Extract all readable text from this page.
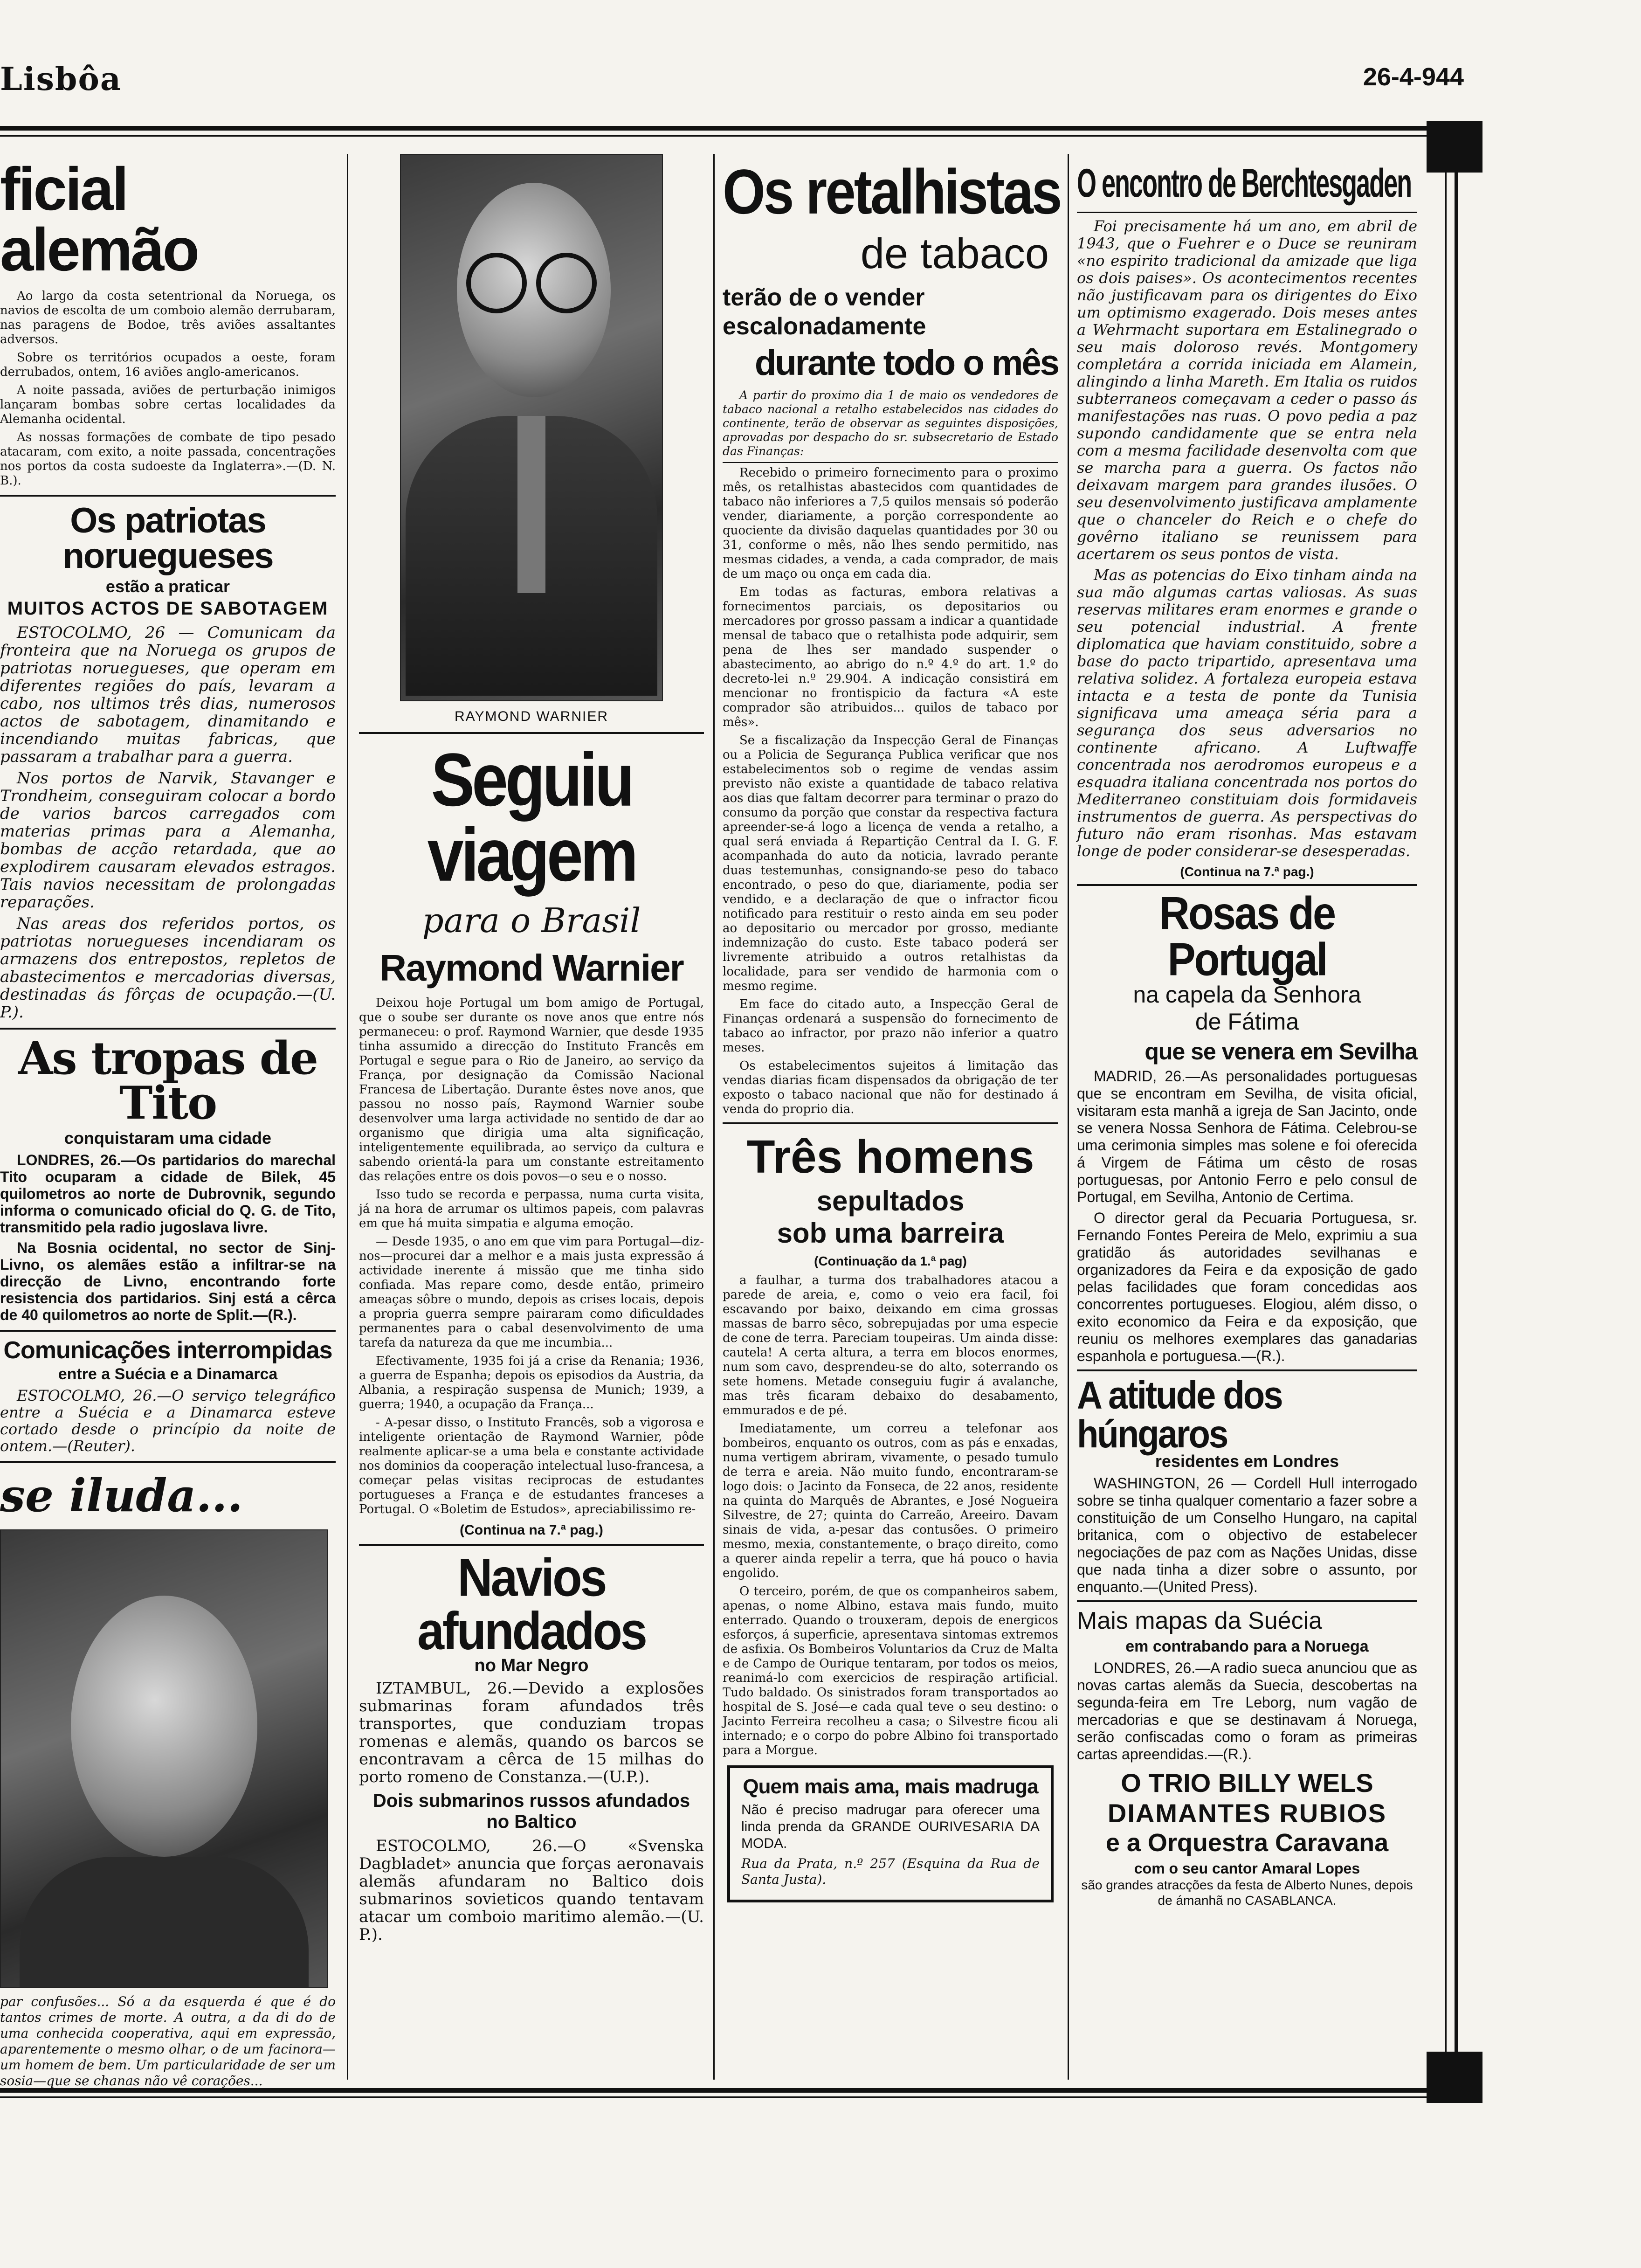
Lisbôa	26-4-944
ficial alemão

Ao largo da costa setentrional da Noruega, os navios de escolta de um comboio alemão derrubaram, nas paragens de Bodoe, três aviões assaltantes adversos.

Sobre os territórios ocupados a oeste, foram derrubados, ontem, 16 aviões anglo-americanos.

A noite passada, aviões de perturbação inimigos lançaram bombas sobre certas localidades da Alemanha ocidental.

As nossas formações de combate de tipo pesado atacaram, com exito, a noite passada, concentrações nos portos da costa sudoeste da Inglaterra».—(D. N. B.).

Os patriotas noruegueses
estão a praticar
MUITOS ACTOS DE SABOTAGEM

ESTOCOLMO, 26 — Comunicam da fronteira que na Noruega os grupos de patriotas noruegueses, que operam em diferentes regiões do país, levaram a cabo, nos ultimos três dias, numerosos actos de sabotagem, dinamitando e incendiando muitas fabricas, que passaram a trabalhar para a guerra.

Nos portos de Narvik, Stavanger e Trondheim, conseguiram colocar a bordo de varios barcos carregados com materias primas para a Alemanha, bombas de acção retardada, que ao explodirem causaram elevados estragos. Tais navios necessitam de prolongadas reparações.

Nas areas dos referidos portos, os patriotas noruegueses incendiaram os armazens dos entrepostos, repletos de abastecimentos e mercadorias diversas, destinadas ás fôrças de ocupação.—(U. P.).

As tropas de Tito
conquistaram uma cidade

LONDRES, 26.—Os partidarios do marechal Tito ocuparam a cidade de Bilek, 45 quilometros ao norte de Dubrovnik, segundo informa o comunicado oficial do Q. G. de Tito, transmitido pela radio jugoslava livre.

Na Bosnia ocidental, no sector de Sinj-Livno, os alemães estão a infiltrar-se na direcção de Livno, encontrando forte resistencia dos partidarios. Sinj está a cêrca de 40 quilometros ao norte de Split.—(R.).

Comunicações interrompidas
entre a Suécia e a Dinamarca

ESTOCOLMO, 26.—O serviço telegráfico entre a Suécia e a Dinamarca esteve cortado desde o princípio da noite de ontem.—(Reuter).

se iluda...

par confusões... Só a da esquerda é que é do tantos crimes de morte. A outra, a da di do de uma conhecida cooperativa, aqui em expressão, aparentemente o mesmo olhar, o de um facinora—um homem de bem. Um particularidade de ser um sosia—que se chanas não vê corações...

RAYMOND WARNIER
Seguiu viagem
para o Brasil
Raymond Warnier

Deixou hoje Portugal um bom amigo de Portugal, que o soube ser durante os nove anos que entre nós permaneceu: o prof. Raymond Warnier, que desde 1935 tinha assumido a direcção do Instituto Francês em Portugal e segue para o Rio de Janeiro, ao serviço da França, por designação da Comissão Nacional Francesa de Libertação. Durante êstes nove anos, que passou no nosso país, Raymond Warnier soube desenvolver uma larga actividade no sentido de dar ao organismo que dirigia uma alta significação, inteligentemente equilibrada, ao serviço da cultura e sabendo orientá-la para um constante estreitamento das relações entre os dois povos—o seu e o nosso.

Isso tudo se recorda e perpassa, numa curta visita, já na hora de arrumar os ultimos papeis, com palavras em que há muita simpatia e alguma emoção.

— Desde 1935, o ano em que vim para Portugal—diz-nos—procurei dar a melhor e a mais justa expressão á actividade inerente á missão que me tinha sido confiada. Mas repare como, desde então, primeiro ameaças sôbre o mundo, depois as crises locais, depois a propria guerra sempre pairaram como dificuldades permanentes para o cabal desenvolvimento de uma tarefa da natureza da que me incumbia...

Efectivamente, 1935 foi já a crise da Renania; 1936, a guerra de Espanha; depois os episodios da Austria, da Albania, a respiração suspensa de Munich; 1939, a guerra; 1940, a ocupação da França...

- A-pesar disso, o Instituto Francês, sob a vigorosa e inteligente orientação de Raymond Warnier, pôde realmente aplicar-se a uma bela e constante actividade nos dominios da cooperação intelectual luso-francesa, a começar pelas visitas reciprocas de estudantes portugueses a França e de estudantes franceses a Portugal. O «Boletim de Estudos», apreciabilissimo re-

(Continua na 7.ª pag.)
Navios afundados
no Mar Negro

IZTAMBUL, 26.—Devido a explosões submarinas foram afundados três transportes, que conduziam tropas romenas e alemãs, quando os barcos se encontravam a cêrca de 15 milhas do porto romeno de Constanza.—(U.P.).

Dois submarinos russos afundados no Baltico

ESTOCOLMO, 26.—O «Svenska Dagbladet» anuncia que forças aeronavais alemãs afundaram no Baltico dois submarinos sovieticos quando tentavam atacar um comboio maritimo alemão.—(U. P.).

Os retalhistas
de tabaco
terão de o vender escalonadamente
durante todo o mês

A partir do proximo dia 1 de maio os vendedores de tabaco nacional a retalho estabelecidos nas cidades do continente, terão de observar as seguintes disposições, aprovadas por despacho do sr. subsecretario de Estado das Finanças:

Recebido o primeiro fornecimento para o proximo mês, os retalhistas abastecidos com quantidades de tabaco não inferiores a 7,5 quilos mensais só poderão vender, diariamente, a porção correspondente ao quociente da divisão daquelas quantidades por 30 ou 31, conforme o mês, não lhes sendo permitido, nas mesmas cidades, a venda, a cada comprador, de mais de um maço ou onça em cada dia.

Em todas as facturas, embora relativas a fornecimentos parciais, os depositarios ou mercadores por grosso passam a indicar a quantidade mensal de tabaco que o retalhista pode adquirir, sem pena de lhes ser mandado suspender o abastecimento, ao abrigo do n.º 4.º do art. 1.º do decreto-lei n.º 29.904. A indicação consistirá em mencionar no frontispicio da factura «A este comprador são atribuidos... quilos de tabaco por mês».

Se a fiscalização da Inspecção Geral de Finanças ou a Policia de Segurança Publica verificar que nos estabelecimentos sob o regime de vendas assim previsto não existe a quantidade de tabaco relativa aos dias que faltam decorrer para terminar o prazo do consumo da porção que constar da respectiva factura apreender-se-á logo a licença de venda a retalho, a qual será enviada á Repartição Central da I. G. F. acompanhada do auto da noticia, lavrado perante duas testemunhas, consignando-se peso do tabaco encontrado, o peso do que, diariamente, podia ser vendido, e a declaração de que o infractor ficou notificado para restituir o resto ainda em seu poder ao depositario ou mercador por grosso, mediante indemnização do custo. Este tabaco poderá ser livremente atribuido a outros retalhistas da localidade, para ser vendido de harmonia com o mesmo regime.

Em face do citado auto, a Inspecção Geral de Finanças ordenará a suspensão do fornecimento de tabaco ao infractor, por prazo não inferior a quatro meses.

Os estabelecimentos sujeitos á limitação das vendas diarias ficam dispensados da obrigação de ter exposto o tabaco nacional que não for destinado á venda do proprio dia.

Três homens
sepultados
sob uma barreira
(Continuação da 1.ª pag)

a faulhar, a turma dos trabalhadores atacou a parede de areia, e, como o veio era facil, foi escavando por baixo, deixando em cima grossas massas de barro sêco, sobrepujadas por uma especie de cone de terra. Pareciam toupeiras. Um ainda disse: cautela! A certa altura, a terra em blocos enormes, num som cavo, desprendeu-se do alto, soterrando os sete homens. Metade conseguiu fugir á avalanche, mas três ficaram debaixo do desabamento, emmurados e de pé.

Imediatamente, um correu a telefonar aos bombeiros, enquanto os outros, com as pás e enxadas, numa vertigem abriram, vivamente, o pesado tumulo de terra e areia. Não muito fundo, encontraram-se logo dois: o Jacinto da Fonseca, de 22 anos, residente na quinta do Marquês de Abrantes, e José Nogueira Silvestre, de 27; quinta do Carreão, Areeiro. Davam sinais de vida, a-pesar das contusões. O primeiro mesmo, mexia, constantemente, o braço direito, como a querer ainda repelir a terra, que há pouco o havia engolido.

O terceiro, porém, de que os companheiros sabem, apenas, o nome Albino, estava mais fundo, muito enterrado. Quando o trouxeram, depois de energicos esforços, á superficie, apresentava sintomas extremos de asfixia. Os Bombeiros Voluntarios da Cruz de Malta e de Campo de Ourique tentaram, por todos os meios, reanimá-lo com exercicios de respiração artificial. Tudo baldado. Os sinistrados foram transportados ao hospital de S. José—e cada qual teve o seu destino: o Jacinto Ferreira recolheu a casa; o Silvestre ficou ali internado; e o corpo do pobre Albino foi transportado para a Morgue.

Quem mais ama, mais madruga

Não é preciso madrugar para oferecer uma linda prenda da GRANDE OURIVESARIA DA MODA.

Rua da Prata, n.º 257 (Esquina da Rua de Santa Justa).

O encontro de Berchtesgaden

Foi precisamente há um ano, em abril de 1943, que o Fuehrer e o Duce se reuniram «no espirito tradicional da amizade que liga os dois paises». Os acontecimentos recentes não justificavam para os dirigentes do Eixo um optimismo exagerado. Dois meses antes a Wehrmacht suportara em Estalinegrado o seu mais doloroso revés. Montgomery completára a corrida iniciada em Alamein, alingindo a linha Mareth. Em Italia os ruidos subterraneos começavam a ceder o passo ás manifestações nas ruas. O povo pedia a paz supondo candidamente que se entra nela com a mesma facilidade desenvolta com que se marcha para a guerra. Os factos não deixavam margem para grandes ilusões. O seu desenvolvimento justificava amplamente que o chanceler do Reich e o chefe do govêrno italiano se reunissem para acertarem os seus pontos de vista.

Mas as potencias do Eixo tinham ainda na sua mão algumas cartas valiosas. As suas reservas militares eram enormes e grande o seu potencial industrial. A frente diplomatica que haviam constituido, sobre a base do pacto tripartido, apresentava uma relativa solidez. A fortaleza europeia estava intacta e a testa de ponte da Tunisia significava uma ameaça séria para a segurança dos seus adversarios no continente africano. A Luftwaffe concentrada nos aerodromos europeus e a esquadra italiana concentrada nos portos do Mediterraneo constituiam dois formidaveis instrumentos de guerra. As perspectivas do futuro não eram risonhas. Mas estavam longe de poder considerar-se desesperadas.

(Continua na 7.ª pag.)
Rosas de Portugal
na capela da Senhora
de Fátima
que se venera em Sevilha

MADRID, 26.—As personalidades portuguesas que se encontram em Sevilha, de visita oficial, visitaram esta manhã a igreja de San Jacinto, onde se venera Nossa Senhora de Fátima. Celebrou-se uma cerimonia simples mas solene e foi oferecida á Virgem de Fátima um cêsto de rosas portuguesas, por Antonio Ferro e pelo consul de Portugal, em Sevilha, Antonio de Certima.

O director geral da Pecuaria Portuguesa, sr. Fernando Fontes Pereira de Melo, exprimiu a sua gratidão ás autoridades sevilhanas e organizadores da Feira e da exposição de gado pelas facilidades que foram concedidas aos concorrentes portugueses. Elogiou, além disso, o exito economico da Feira e da exposição, que reuniu os melhores exemplares das ganadarias espanhola e portuguesa.—(R.).

A atitude dos húngaros
residentes em Londres

WASHINGTON, 26 — Cordell Hull interrogado sobre se tinha qualquer comentario a fazer sobre a constituição de um Conselho Hungaro, na capital britanica, com o objectivo de estabelecer negociações de paz com as Nações Unidas, disse que nada tinha a dizer sobre o assunto, por enquanto.—(United Press).

Mais mapas da Suécia
em contrabando para a Noruega

LONDRES, 26.—A radio sueca anunciou que as novas cartas alemãs da Suecia, descobertas na segunda-feira em Tre Leborg, num vagão de mercadorias e que se destinavam á Noruega, serão confiscadas como o foram as primeiras cartas apreendidas.—(R.).

O TRIO BILLY WELS
DIAMANTES RUBIOS
e a Orquestra Caravana
com o seu cantor Amaral Lopes

são grandes atracções da festa de Alberto Nunes, depois de ámanhã no CASABLANCA.
